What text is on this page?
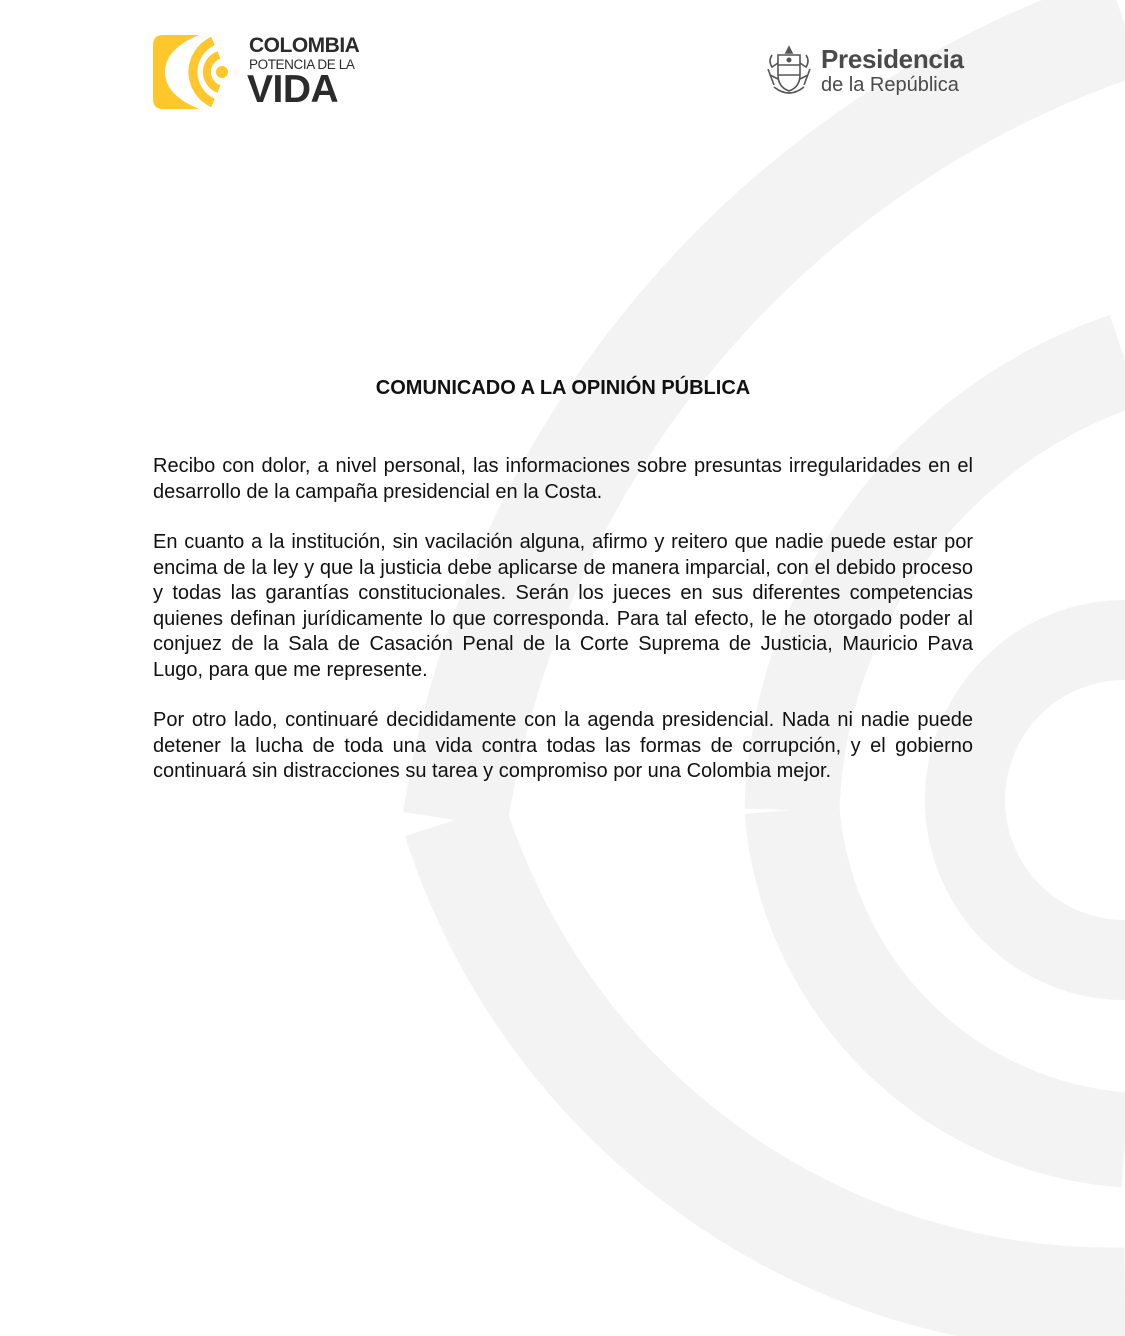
COLOMBIA
POTENCIA DE LA
VIDA
Presidencia
de la República
COMUNICADO A LA OPINIÓN PÚBLICA

Recibo con dolor, a nivel personal, las informaciones sobre presuntas irregularidades en el desarrollo de la campaña presidencial en la Costa.

En cuanto a la institución, sin vacilación alguna, afirmo y reitero que nadie puede estar por encima de la ley y que la justicia debe aplicarse de manera imparcial, con el debido proceso y todas las garantías constitucionales. Serán los jueces en sus diferentes competencias quienes definan jurídicamente lo que corresponda. Para tal efecto, le he otorgado poder al conjuez de la Sala de Casación Penal de la Corte Suprema de Justicia, Mauricio Pava Lugo, para que me represente.

Por otro lado, continuaré decididamente con la agenda presidencial. Nada ni nadie puede detener la lucha de toda una vida contra todas las formas de corrupción, y el gobierno continuará sin distracciones su tarea y compromiso por una Colombia mejor.
